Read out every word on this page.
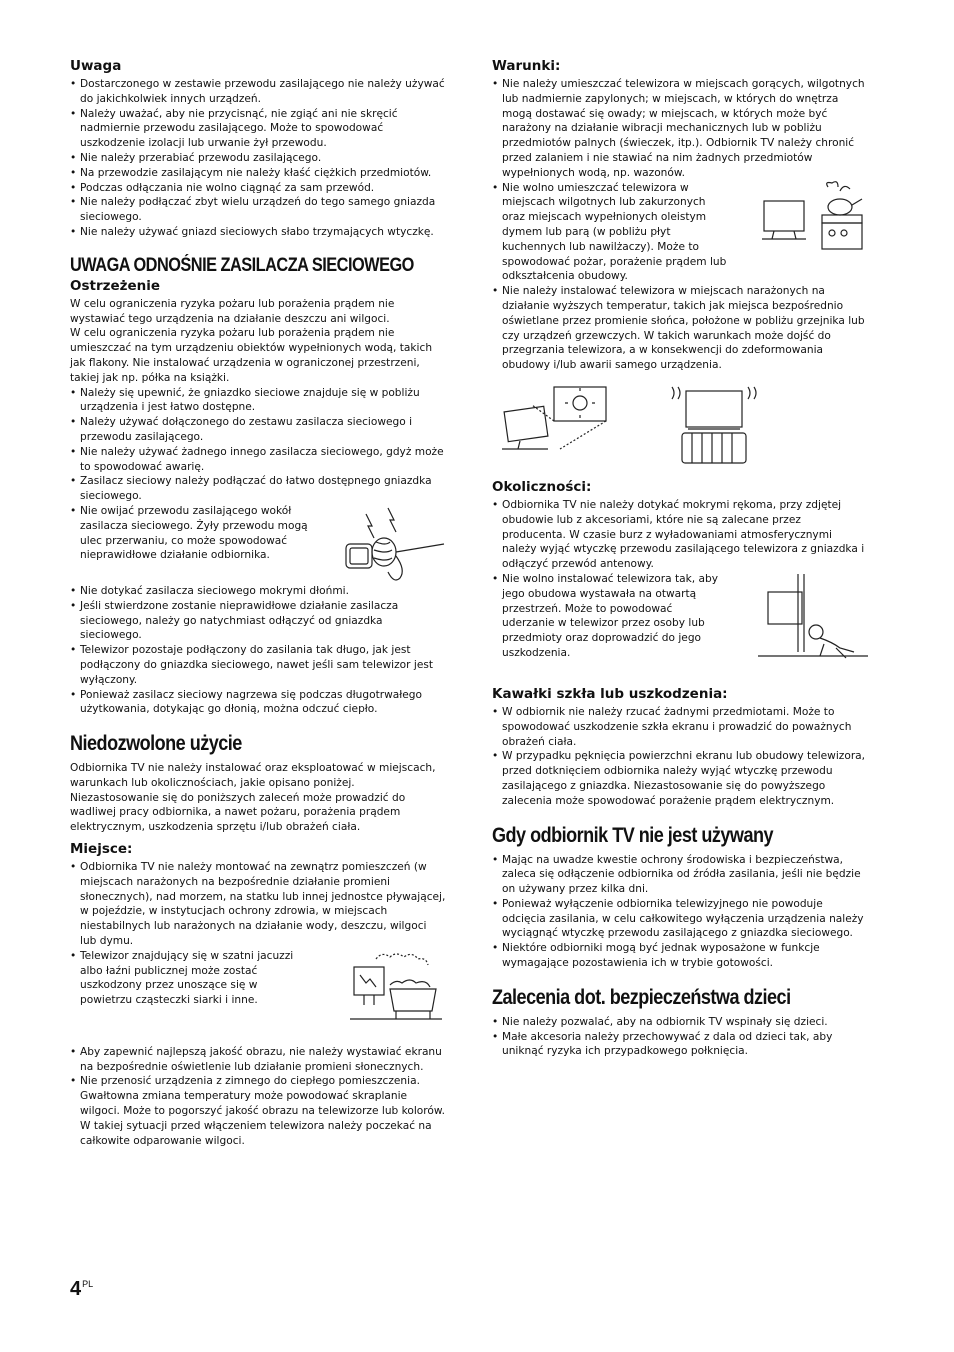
Uwaga
• Dostarczonego w zestawie przewodu zasilającego nie należy używać do jakichkolwiek innych urządzeń.
• Należy uważać, aby nie przycisnąć, nie zgiąć ani nie skręcić nadmiernie przewodu zasilającego. Może to spowodować uszkodzenie izolacji lub urwanie żył przewodu.
• Nie należy przerabiać przewodu zasilającego.
• Na przewodzie zasilającym nie należy kłaść ciężkich przedmiotów.
• Podczas odłączania nie wolno ciągnąć za sam przewód.
• Nie należy podłączać zbyt wielu urządzeń do tego samego gniazda sieciowego.
• Nie należy używać gniazd sieciowych słabo trzymających wtyczkę.
UWAGA ODNOŚNIE ZASILACZA SIECIOWEGO
Ostrzeżenie

W celu ograniczenia ryzyka pożaru lub porażenia prądem nie wystawiać tego urządzenia na działanie deszczu ani wilgoci.

W celu ograniczenia ryzyka pożaru lub porażenia prądem nie umieszczać na tym urządzeniu obiektów wypełnionych wodą, takich jak flakony. Nie instalować urządzenia w ograniczonej przestrzeni, takiej jak np. półka na książki.

• Należy się upewnić, że gniazdko sieciowe znajduje się w pobliżu urządzenia i jest łatwo dostępne.
• Należy używać dołączonego do zestawu zasilacza sieciowego i przewodu zasilającego.
• Nie należy używać żadnego innego zasilacza sieciowego, gdyż może to spowodować awarię.
• Zasilacz sieciowy należy podłączać do łatwo dostępnego gniazdka sieciowego.
• Nie owijać przewodu zasilającego wokół zasilacza sieciowego. Żyły przewodu mogą ulec przerwaniu, co może spowodować nieprawidłowe działanie odbiornika.
• Nie dotykać zasilacza sieciowego mokrymi dłońmi.
• Jeśli stwierdzone zostanie nieprawidłowe działanie zasilacza sieciowego, należy go natychmiast odłączyć od gniazdka sieciowego.
• Telewizor pozostaje podłączony do zasilania tak długo, jak jest podłączony do gniazdka sieciowego, nawet jeśli sam telewizor jest wyłączony.
• Ponieważ zasilacz sieciowy nagrzewa się podczas długotrwałego użytkowania, dotykając go dłonią, można odczuć ciepło.
Niedozwolone użycie

Odbiornika TV nie należy instalować oraz eksploatować w miejscach, warunkach lub okolicznościach, jakie opisano poniżej. Niezastosowanie się do poniższych zaleceń może prowadzić do wadliwej pracy odbiornika, a nawet pożaru, porażenia prądem elektrycznym, uszkodzenia sprzętu i/lub obrażeń ciała.

Miejsce:
• Odbiornika TV nie należy montować na zewnątrz pomieszczeń (w miejscach narażonych na bezpośrednie działanie promieni słonecznych), nad morzem, na statku lub innej jednostce pływającej, w pojeździe, w instytucjach ochrony zdrowia, w miejscach niestabilnych lub narażonych na działanie wody, deszczu, wilgoci lub dymu.
• Telewizor znajdujący się w szatni jacuzzi albo łaźni publicznej może zostać uszkodzony przez unoszące się w powietrzu cząsteczki siarki i inne.
• Aby zapewnić najlepszą jakość obrazu, nie należy wystawiać ekranu na bezpośrednie oświetlenie lub działanie promieni słonecznych.
• Nie przenosić urządzenia z zimnego do ciepłego pomieszczenia. Gwałtowna zmiana temperatury może powodować skraplanie wilgoci. Może to pogorszyć jakość obrazu na telewizorze lub kolorów. W takiej sytuacji przed włączeniem telewizora należy poczekać na całkowite odparowanie wilgoci.
Warunki:
• Nie należy umieszczać telewizora w miejscach gorących, wilgotnych lub nadmiernie zapylonych; w miejscach, w których do wnętrza mogą dostawać się owady; w miejscach, w których może być narażony na działanie wibracji mechanicznych lub w pobliżu przedmiotów palnych (świeczek, itp.). Odbiornik TV należy chronić przed zalaniem i nie stawiać na nim żadnych przedmiotów wypełnionych wodą, np. wazonów.
• Nie wolno umieszczać telewizora w miejscach wilgotnych lub zakurzonych oraz miejscach wypełnionych oleistym dymem lub parą (w pobliżu płyt kuchennych lub nawilżaczy). Może to spowodować pożar, porażenie prądem lub odkształcenia obudowy.
• Nie należy instalować telewizora w miejscach narażonych na działanie wyższych temperatur, takich jak miejsca bezpośrednio oświetlane przez promienie słońca, położone w pobliżu grzejnika lub czy urządzeń grzewczych. W takich warunkach może dojść do przegrzania telewizora, a w konsekwencji do zdeformowania obudowy i/lub awarii samego urządzenia.
Okoliczności:
• Odbiornika TV nie należy dotykać mokrymi rękoma, przy zdjętej obudowie lub z akcesoriami, które nie są zalecane przez producenta. W czasie burz z wyładowaniami atmosferycznymi należy wyjąć wtyczkę przewodu zasilającego telewizora z gniazdka i odłączyć przewód antenowy.
• Nie wolno instalować telewizora tak, aby jego obudowa wystawała na otwartą przestrzeń. Może to powodować uderzanie w telewizor przez osoby lub przedmioty oraz doprowadzić do jego uszkodzenia.
Kawałki szkła lub uszkodzenia:
• W odbiornik nie należy rzucać żadnymi przedmiotami. Może to spowodować uszkodzenie szkła ekranu i prowadzić do poważnych obrażeń ciała.
• W przypadku pęknięcia powierzchni ekranu lub obudowy telewizora, przed dotknięciem odbiornika należy wyjąć wtyczkę przewodu zasilającego z gniazdka. Niezastosowanie się do powyższego zalecenia może spowodować porażenie prądem elektrycznym.
Gdy odbiornik TV nie jest używany
• Mając na uwadze kwestie ochrony środowiska i bezpieczeństwa, zaleca się odłączenie odbiornika od źródła zasilania, jeśli nie będzie on używany przez kilka dni.
• Ponieważ wyłączenie odbiornika telewizyjnego nie powoduje odcięcia zasilania, w celu całkowitego wyłączenia urządzenia należy wyciągnąć wtyczkę przewodu zasilającego z gniazdka sieciowego.
• Niektóre odbiorniki mogą być jednak wyposażone w funkcje wymagające pozostawienia ich w trybie gotowości.
Zalecenia dot. bezpieczeństwa dzieci
• Nie należy pozwalać, aby na odbiornik TV wspinały się dzieci.
• Małe akcesoria należy przechowywać z dala od dzieci tak, aby uniknąć ryzyka ich przypadkowego połknięcia.
$4^{PL}$
